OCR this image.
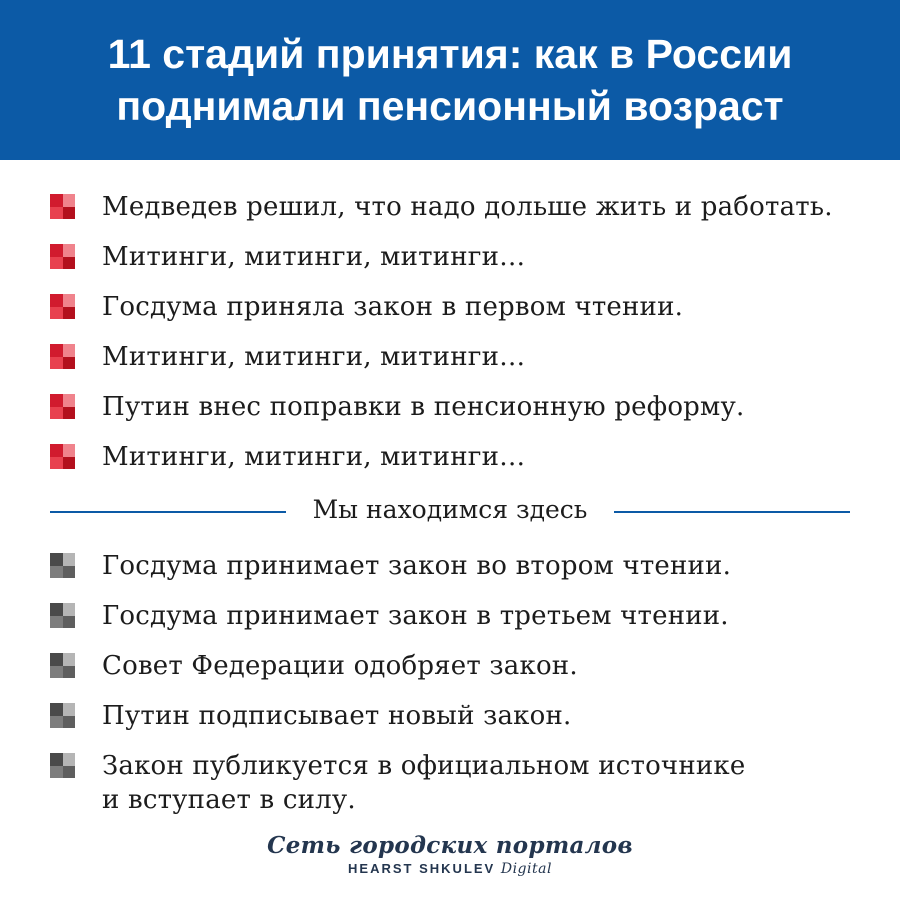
11 стадий принятия: как в России
поднимали пенсионный возраст
Медведев решил, что надо дольше жить и работать.
Митинги, митинги, митинги…
Госдума приняла закон в первом чтении.
Митинги, митинги, митинги…
Путин внес поправки в пенсионную реформу.
Митинги, митинги, митинги…
Мы находимся здесь
Госдума принимает закон во втором чтении.
Госдума принимает закон в третьем чтении.
Совет Федерации одобряет закон.
Путин подписывает новый закон.
Закон публикуется в официальном источнике
и вступает в силу.
Сеть городских порталов
HEARST SHKULEV Digital
